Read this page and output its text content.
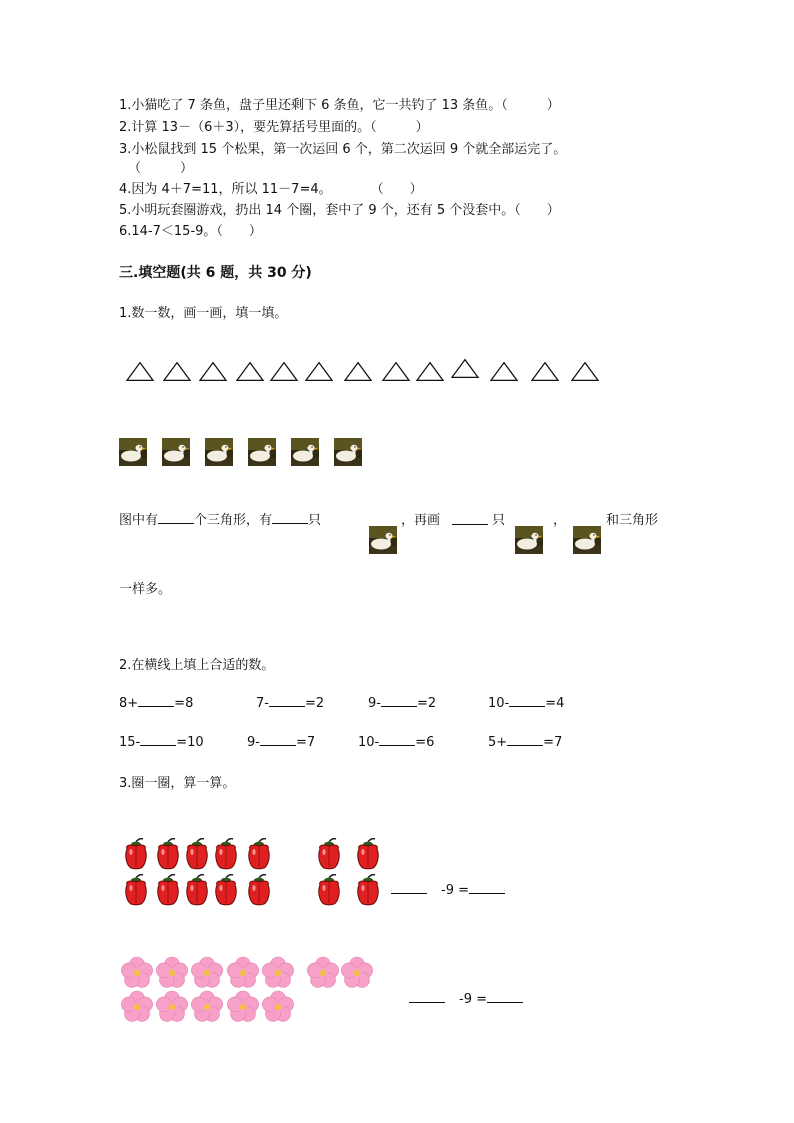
1.小猫吃了 7 条鱼，盘子里还剩下 6 条鱼，它一共钓了 13 条鱼。（　　　）
2.计算 13－（6＋3），要先算括号里面的。（　　　）
3.小松鼠找到 15 个松果，第一次运回 6 个，第二次运回 9 个就全部运完了。
（　　　）
4.因为 4＋7=11，所以 11－7=4。　　　　（　　）
5.小明玩套圈游戏，扔出 14 个圈，套中了 9 个，还有 5 个没套中。（　　）
6.14-7＜15-9。（　　）
三.填空题(共 6 题，共 30 分)
1.数一数，画一画，填一填。
图中有	个三角形，有	只	，再画	只	，	和三角形
一样多。
2.在横线上填上合适的数。
8+	=8	7-	=2	9-	=2	10-	=4
15-	=10	9-	=7	10-	=6	5+	=7
3.圈一圈，算一算。
-9 =
-9 =
